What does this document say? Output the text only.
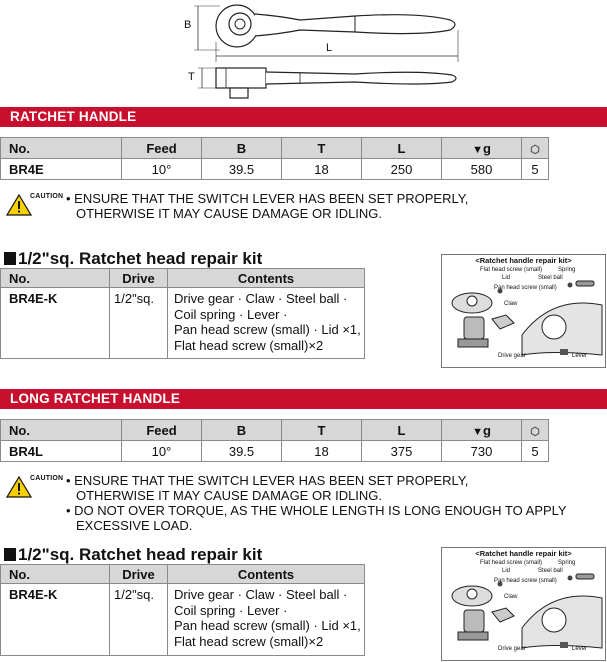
B
L
T
RATCHET HANDLE
No.	Feed	B	T	L	▼g	⬡
BR4E	10°	39.5	18	250	580	5
CAUTION • ENSURE THAT THE SWITCH LEVER HAS BEEN SET PROPERLY,
OTHERWISE IT MAY CAUSE DAMAGE OR IDLING.
1/2"sq. Ratchet head repair kit
No.	Drive	Contents
BR4E-K	1/2"sq.	Drive gear · Claw · Steel ball ·
Coil spring · Lever ·
Pan head screw (small) · Lid ×1,
Flat head screw (small)×2
<Ratchet handle repair kit>
Flat head screw (small)	Spring
Lid	Steel ball
Pan head screw (small)
Claw
Drive gear	Lever
LONG RATCHET HANDLE
No.	Feed	B	T	L	▼g	⬡
BR4L	10°	39.5	18	375	730	5
CAUTION • ENSURE THAT THE SWITCH LEVER HAS BEEN SET PROPERLY,
OTHERWISE IT MAY CAUSE DAMAGE OR IDLING.
• DO NOT OVER TORQUE, AS THE WHOLE LENGTH IS LONG ENOUGH TO APPLY
EXCESSIVE LOAD.
1/2"sq. Ratchet head repair kit
No.	Drive	Contents
BR4E-K	1/2"sq.	Drive gear · Claw · Steel ball ·
Coil spring · Lever ·
Pan head screw (small) · Lid ×1,
Flat head screw (small)×2
<Ratchet handle repair kit>
Flat head screw (small)	Spring
Lid	Steel ball
Pan head screw (small)
Claw
Drive gear	Lever
